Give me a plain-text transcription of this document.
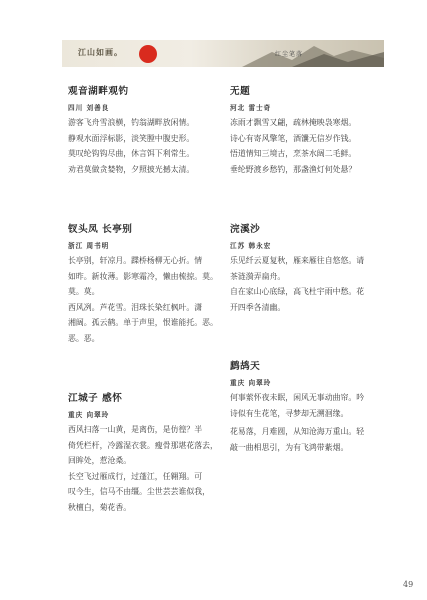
江山如画。	红尘笔落
观音湖畔观钓
四川 刘善良
游客飞舟雪浪横，钓翁湖畔放闲情。
静观水面浮标影，淡笑膛中腹史形。
莫叹纶钩钩尽曲，休言饵下利常生。
劝君莫做贪婪物，夕照披光撼太清。
无题
河北 雷士奇
冻雨才飘雪又翩，疏林掩映袅寒烟。
诗心有寄风擎笔，酒馕无信岁作钱。
悟道情知三境古，烹茶水阔二毛鲜。
垂纶野渡乡愁钓，那盏渔灯何处悬？
钗头凤 长亭别
浙江 周书明
长亭别，轩凉月。蹀桥杨柳无心折。情
如昨。新妆薄。影寒霜冷，懒由梳掠。莫。
莫。莫。
西风冽。芦花雪。泪珠长染红枫叶。潇
湘阔。孤云鹤。单于声里，恨谁能托。恶。
恶。恶。
浣溪沙
江苏 韩永宏
乐见纤云夏复秋，雁来雁往自悠悠。请
茶涟漪弄扁舟。
自在家山心底绿，高飞杜宇雨中愁。花
开四季各清幽。
鹧鸪天
重庆 向翠玲
何事萦怀夜未眠，闲风无事动曲帘。吟
诗似有生花笔，寻梦却无溯洄缘。
江城子 感怀
重庆 向翠玲
西风扫落一山黄，是离伤，是仿徨？半
倚凭栏杆，冷露湿衣裳。瘦骨那堪花落去，
回眸处，惹沧桑。
长空飞过雁成行，过蓬江，任翱翔。可
叹今生，信马不由缰。尘世芸芸谁似我，
秋檀白，菊花香。
花易落，月难圆，从知沧海万重山。轻
敲一曲相思引，为有飞鸿带紫烟。
49
